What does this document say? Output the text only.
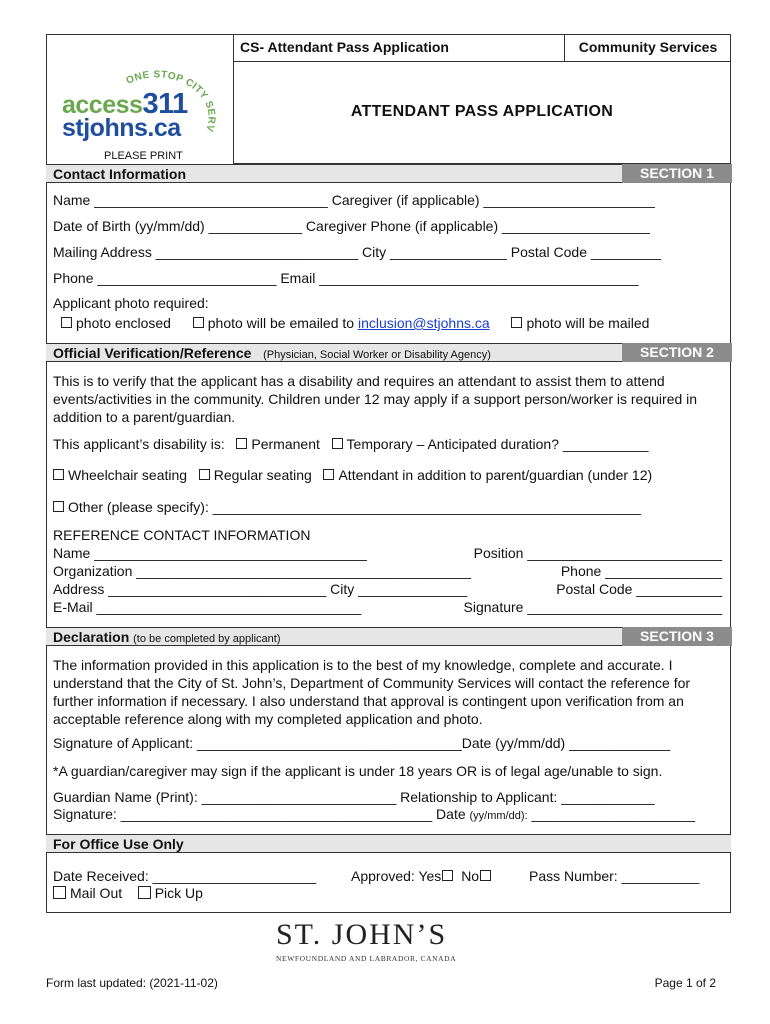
CS- Attendant Pass Application	Community Services
ATTENDANT PASS APPLICATION
ONE STOP CITY SERV
access311
stjohns.ca
PLEASE PRINT
Contact Information	SECTION 1
Name ______________________________ Caregiver (if applicable) ______________________
Date of Birth (yy/mm/dd) ____________ Caregiver Phone (if applicable) ___________________
Mailing Address __________________________ City _______________ Postal Code _________
Phone _______________________ Email _________________________________________
Applicant photo required:
photo enclosed	photo will be emailed to inclusion@stjohns.ca	photo will be mailed
Official Verification/Reference (Physician, Social Worker or Disability Agency)	SECTION 2
This is to verify that the applicant has a disability and requires an attendant to assist them to attend events/activities in the community. Children under 12 may apply if a support person/worker is required in addition to a parent/guardian.
This applicant’s disability is: Permanent Temporary – Anticipated duration? ___________
Wheelchair seating Regular seating Attendant in addition to parent/guardian (under 12)
Other (please specify): _______________________________________________________
REFERENCE CONTACT INFORMATION
Name ___________________________________	Position _________________________
Organization ___________________________________________	Phone _______________
Address ____________________________ City ______________	Postal Code ___________
E-Mail __________________________________	Signature _________________________
Declaration (to be completed by applicant)	SECTION 3
The information provided in this application is to the best of my knowledge, complete and accurate. I understand that the City of St. John’s, Department of Community Services will contact the reference for further information if necessary. I also understand that approval is contingent upon verification from an acceptable reference along with my completed application and photo.
Signature of Applicant: __________________________________Date (yy/mm/dd) _____________
*A guardian/caregiver may sign if the applicant is under 18 years OR is of legal age/unable to sign.
Guardian Name (Print): _________________________ Relationship to Applicant: ____________
Signature: ________________________________________ Date (yy/mm/dd): _____________________
For Office Use Only
Date Received: _____________________ Approved: Yes No	Pass Number: __________
Mail Out Pick Up
ST. JOHN’S
NEWFOUNDLAND AND LABRADOR, CANADA
Form last updated: (2021-11-02)	Page 1 of 2
